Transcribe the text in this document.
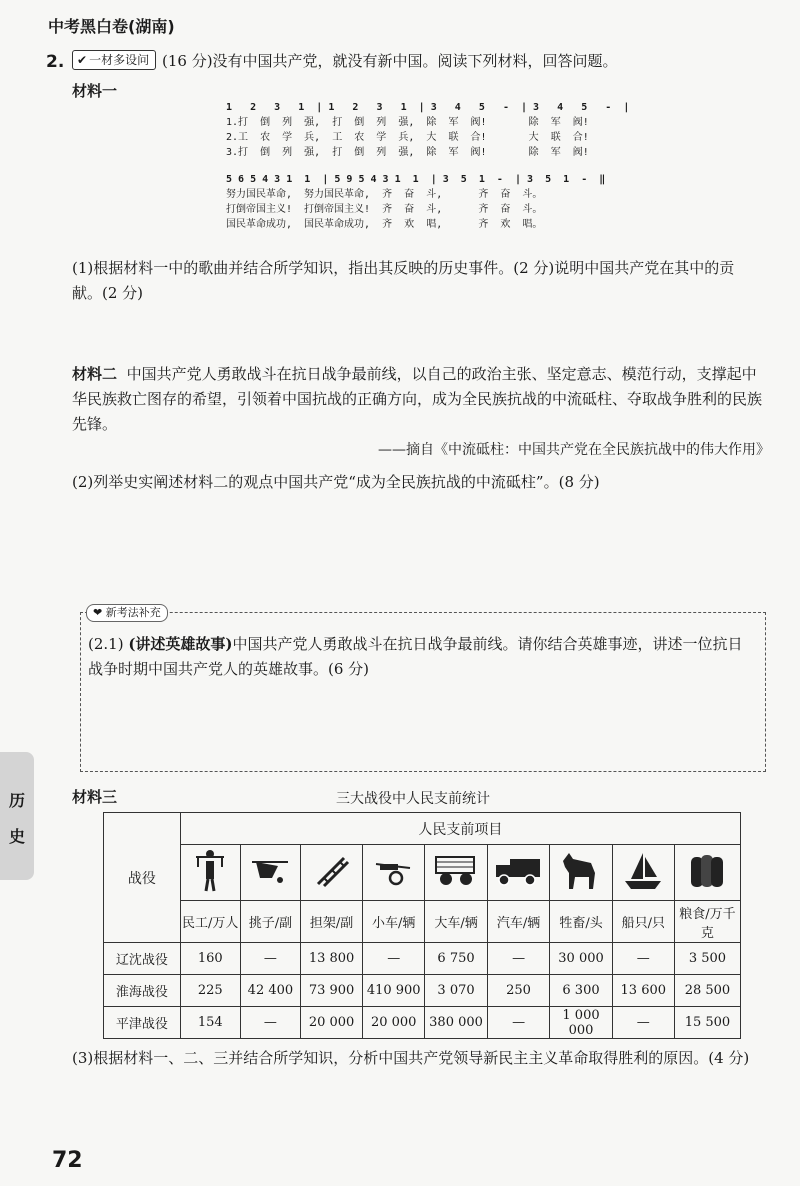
中考黑白卷(湖南)
2.	✔ 一材多设问 (16 分)没有中国共产党，就没有新中国。阅读下列材料，回答问题。
材料一
1   2   3   1  | 1   2   3   1  | 3   4   5   -  | 3   4   5   -  |
1.打  倒  列  强,  打  倒  列  强,  除  军  阀!       除  军  阀!
2.工  农  学  兵,  工  农  学  兵,  大  联  合!       大  联  合!
3.打  倒  列  强,  打  倒  列  强,  除  军  阀!       除  军  阀!
5 6 5 4 3 1  1  | 5 9 5 4 3 1  1  | 3  5  1  -  | 3  5  1  -  ‖
努力国民革命,  努力国民革命,  齐  奋  斗,      齐  奋  斗。
打倒帝国主义!  打倒帝国主义!  齐  奋  斗,      齐  奋  斗。
国民革命成功,  国民革命成功,  齐  欢  唱,      齐  欢  唱。
(1)根据材料一中的歌曲并结合所学知识，指出其反映的历史事件。(2 分)说明中国共产党在其中的贡献。(2 分)
材料二 中国共产党人勇敢战斗在抗日战争最前线，以自己的政治主张、坚定意志、模范行动，支撑起中华民族救亡图存的希望，引领着中国抗战的正确方向，成为全民族抗战的中流砥柱、夺取战争胜利的民族先锋。
——摘自《中流砥柱：中国共产党在全民族抗战中的伟大作用》
(2)列举史实阐述材料二的观点中国共产党“成为全民族抗战的中流砥柱”。(8 分)
❤ 新考法补充
(2.1) (讲述英雄故事)中国共产党人勇敢战斗在抗日战争最前线。请你结合英雄事迹，讲述一位抗日战争时期中国共产党人的英雄故事。(6 分)
历
史
材料三	三大战役中人民支前统计
战役	人民支前项目								

	民工/万人	挑子/副	担架/副	小车/辆	大车/辆	汽车/辆	牲畜/头	船只/只	粮食/万千克
辽沈战役	160	—	13 800	—	6 750	—	30 000	—	3 500
淮海战役	225	42 400	73 900	410 900	3 070	250	6 300	13 600	28 500
平津战役	154	—	20 000	20 000	380 000	—	1 000 000	—	15 500
(3)根据材料一、二、三并结合所学知识，分析中国共产党领导新民主主义革命取得胜利的原因。(4 分)
72
